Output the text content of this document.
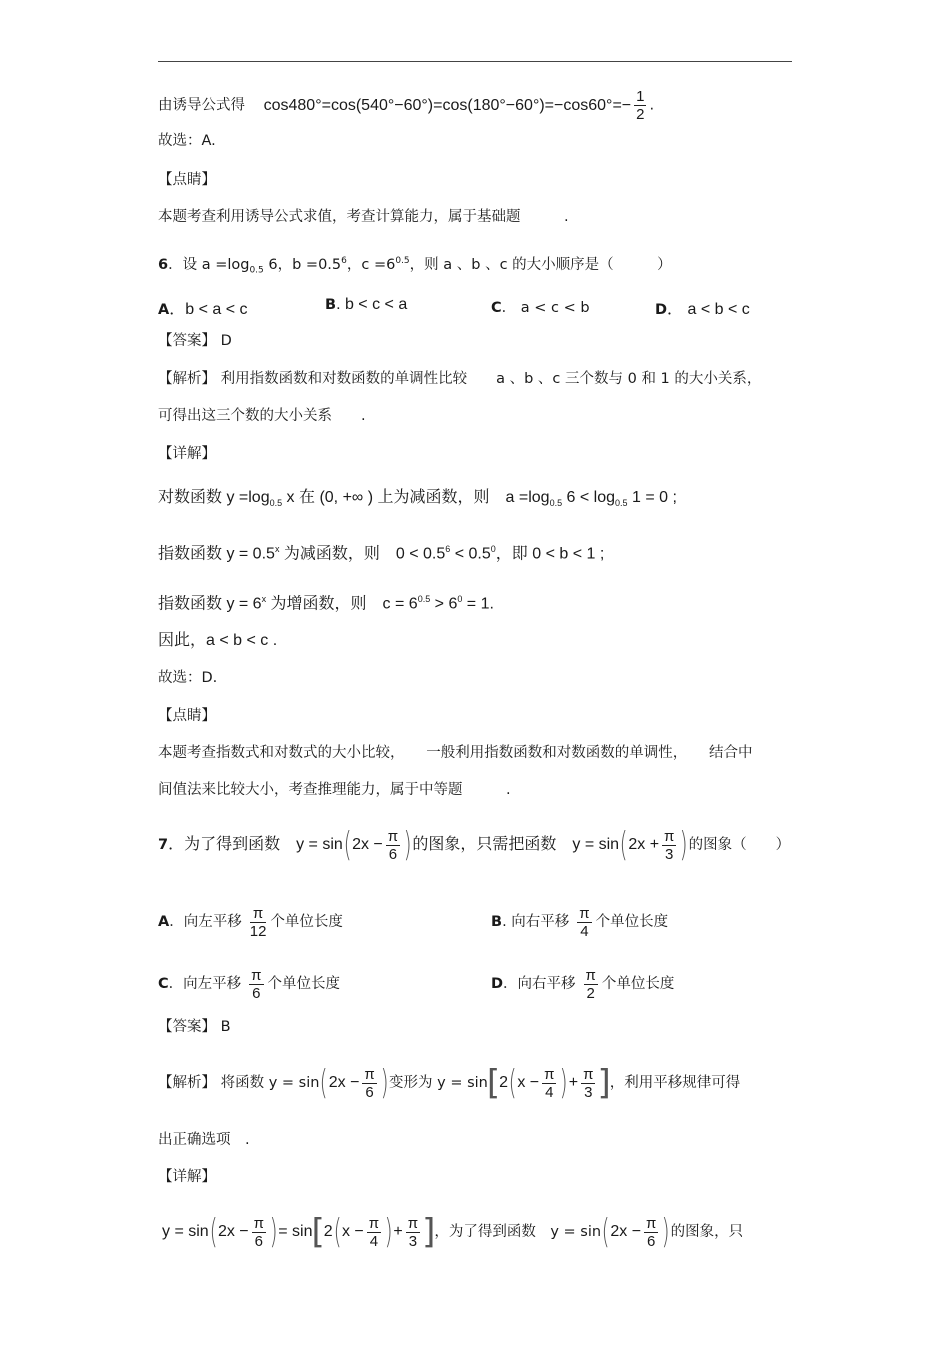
由诱导公式得 $\cos 480^\circ=\cos(540^\circ-60^\circ)=\cos(180^\circ-60^\circ)=-\cos 60^\circ=- \frac{1}{2}$ .
故选：A.
【点睛】
本题考查利用诱导公式求值，考查计算能力，属于基础题　　　.
6．设 $a =\log_{0.5}$ 6，$b =0.5^6$，$c =6^{0.5}$，则 a 、b 、c 的大小顺序是（　　　）
A．b < a < c	B. b < c < a	C． a < c < b	D． a < b < c
【答案】 D
【解析】 利用指数函数和对数函数的单调性比较　　a 、b 、c 三个数与 0 和 1 的大小关系，
可得出这三个数的大小关系　　.
【详解】
对数函数 $y =\log_{0.5}$ x 在 (0, +∞ ) 上为减函数，则　$a =\log_{0.5}$ $6 < \log_{0.5} 1 = 0$ ;
指数函数 $y = 0.5^x$ 为减函数，则　$0 < 0.5^6 < 0.5^0$，即 0 < b < 1 ;
指数函数 $y = 6^x$ 为增函数，则　$c = 6^{0.5} > 6^0 = 1$.
因此，a < b < c .
故选：D.
【点睛】
本题考查指数式和对数式的大小比较，　　一般利用指数函数和对数函数的单调性，　　结合中
间值法来比较大小，考查推理能力，属于中等题　　　.
7．为了得到函数　$y = \sin(2x - \frac{\pi}{6}$ )的图象，只需把函数　$y = \sin(2x + \frac{\pi}{3}$ )的图象（　　）
A．向左平移 $\frac{\pi}{12}$ 个单位长度	B. 向右平移 $\frac{\pi}{4}$ 个单位长度
C．向左平移 $\frac{\pi}{6}$ 个单位长度	D．向右平移 $\frac{\pi}{2}$ 个单位长度
【答案】 B
【解析】 将函数 $y = \sin(2x - \frac{\pi}{6}$ )变形为 $y = \sin[2(x - \frac{\pi}{4}$ )+ $\frac{\pi}{3}$ ]，利用平移规律可得
出正确选项　.
【详解】
$y = \sin(2x - \frac{\pi}{6}$ )= $\sin[2(x - \frac{\pi}{4}$ )+ $\frac{\pi}{3}$ ]，为了得到函数　$y = \sin(2x - \frac{\pi}{6}$ )的图象，只
